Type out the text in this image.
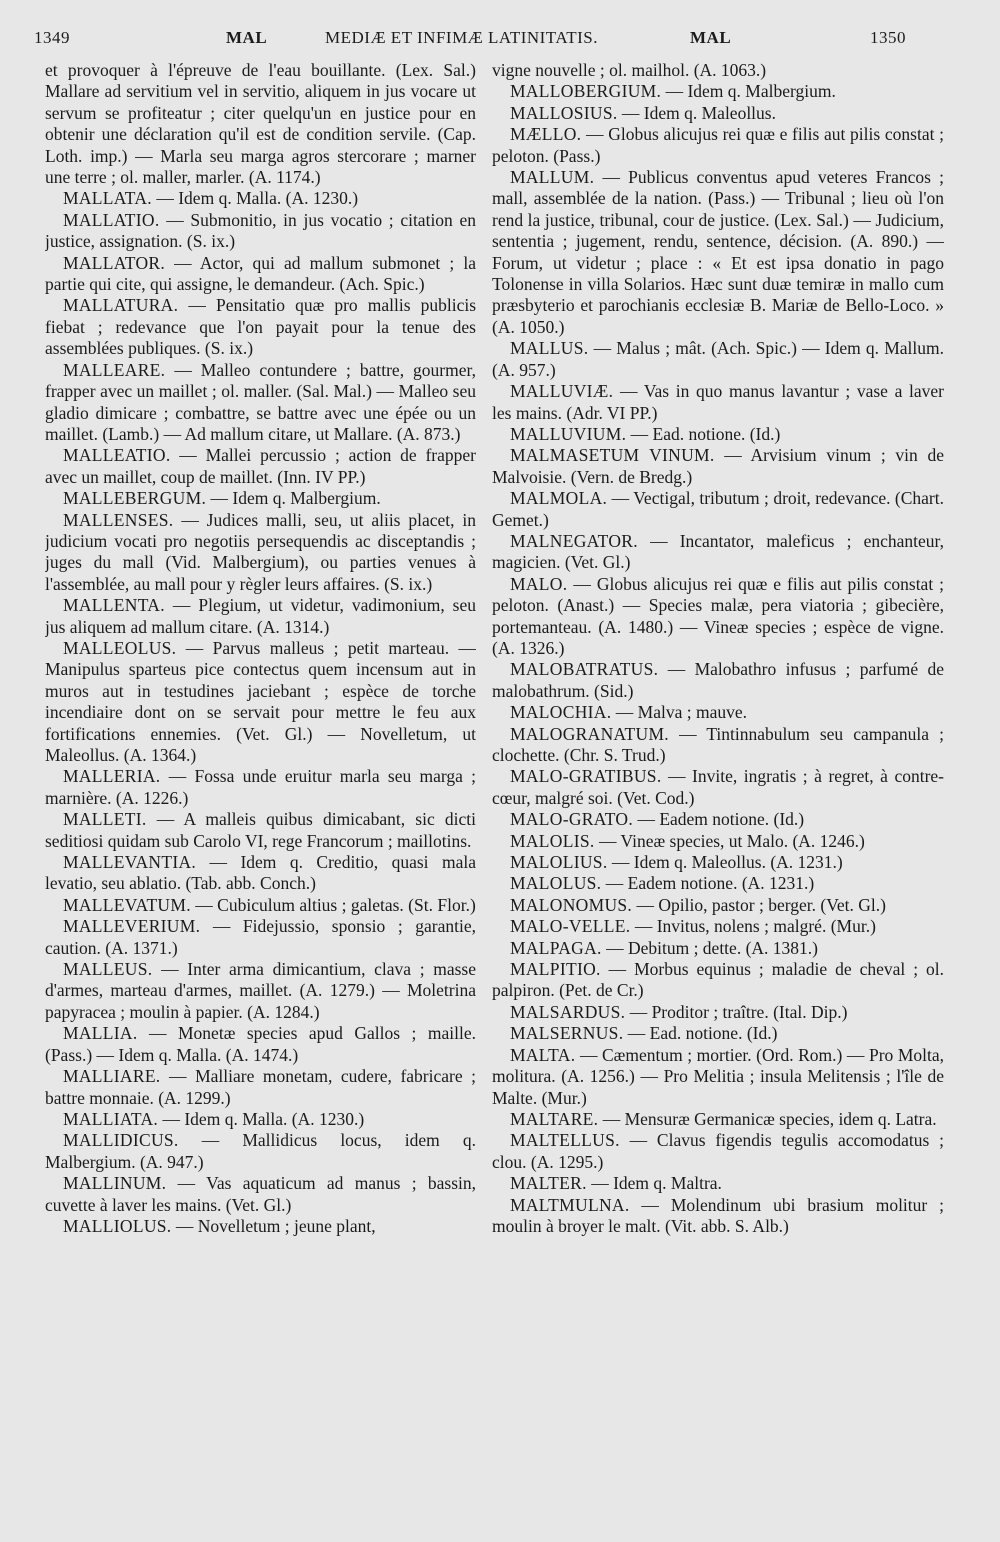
1349	MAL	MEDIÆ ET INFIMÆ LATINITATIS.	MAL	1350

et provoquer à l'épreuve de l'eau bouillante. (Lex. Sal.) Mallare ad servitium vel in servitio, aliquem in jus vocare ut servum se profiteatur ; citer quelqu'un en justice pour en obtenir une déclaration qu'il est de condition servile. (Cap. Loth. imp.) — Marla seu marga agros stercorare ; marner une terre ; ol. maller, marler. (A. 1174.)

MALLATA. — Idem q. Malla. (A. 1230.)

MALLATIO. — Submonitio, in jus vocatio ; citation en justice, assignation. (S. ix.)

MALLATOR. — Actor, qui ad mallum submonet ; la partie qui cite, qui assigne, le demandeur. (Ach. Spic.)

MALLATURA. — Pensitatio quæ pro mallis publicis fiebat ; redevance que l'on payait pour la tenue des assemblées publiques. (S. ix.)

MALLEARE. — Malleo contundere ; battre, gourmer, frapper avec un maillet ; ol. maller. (Sal. Mal.) — Malleo seu gladio dimicare ; combattre, se battre avec une épée ou un maillet. (Lamb.) — Ad mallum citare, ut Mallare. (A. 873.)

MALLEATIO. — Mallei percussio ; action de frapper avec un maillet, coup de maillet. (Inn. IV PP.)

MALLEBERGUM. — Idem q. Malbergium.

MALLENSES. — Judices malli, seu, ut aliis placet, in judicium vocati pro negotiis persequendis ac disceptandis ; juges du mall (Vid. Malbergium), ou parties venues à l'assemblée, au mall pour y règler leurs affaires. (S. ix.)

MALLENTA. — Plegium, ut videtur, vadimonium, seu jus aliquem ad mallum citare. (A. 1314.)

MALLEOLUS. — Parvus malleus ; petit marteau. — Manipulus sparteus pice contectus quem incensum aut in muros aut in testudines jaciebant ; espèce de torche incendiaire dont on se servait pour mettre le feu aux fortifications ennemies. (Vet. Gl.) — Novelletum, ut Maleollus. (A. 1364.)

MALLERIA. — Fossa unde eruitur marla seu marga ; marnière. (A. 1226.)

MALLETI. — A malleis quibus dimicabant, sic dicti seditiosi quidam sub Carolo VI, rege Francorum ; maillotins.

MALLEVANTIA. — Idem q. Creditio, quasi mala levatio, seu ablatio. (Tab. abb. Conch.)

MALLEVATUM. — Cubiculum altius ; galetas. (St. Flor.)

MALLEVERIUM. — Fidejussio, sponsio ; garantie, caution. (A. 1371.)

MALLEUS. — Inter arma dimicantium, clava ; masse d'armes, marteau d'armes, maillet. (A. 1279.) — Moletrina papyracea ; moulin à papier. (A. 1284.)

MALLIA. — Monetæ species apud Gallos ; maille. (Pass.) — Idem q. Malla. (A. 1474.)

MALLIARE. — Malliare monetam, cudere, fabricare ; battre monnaie. (A. 1299.)

MALLIATA. — Idem q. Malla. (A. 1230.)

MALLIDICUS. — Mallidicus locus, idem q. Malbergium. (A. 947.)

MALLINUM. — Vas aquaticum ad manus ; bassin, cuvette à laver les mains. (Vet. Gl.)

MALLIOLUS. — Novelletum ; jeune plant,

vigne nouvelle ; ol. mailhol. (A. 1063.)

MALLOBERGIUM. — Idem q. Malbergium.

MALLOSIUS. — Idem q. Maleollus.

MÆLLO. — Globus alicujus rei quæ e filis aut pilis constat ; peloton. (Pass.)

MALLUM. — Publicus conventus apud veteres Francos ; mall, assemblée de la nation. (Pass.) — Tribunal ; lieu où l'on rend la justice, tribunal, cour de justice. (Lex. Sal.) — Judicium, sententia ; jugement, rendu, sentence, décision. (A. 890.) — Forum, ut videtur ; place : « Et est ipsa donatio in pago Tolonense in villa Solarios. Hæc sunt duæ temiræ in mallo cum præsbyterio et parochianis ecclesiæ B. Mariæ de Bello-Loco. » (A. 1050.)

MALLUS. — Malus ; mât. (Ach. Spic.) — Idem q. Mallum. (A. 957.)

MALLUVIÆ. — Vas in quo manus lavantur ; vase a laver les mains. (Adr. VI PP.)

MALLUVIUM. — Ead. notione. (Id.)

MALMASETUM VINUM. — Arvisium vinum ; vin de Malvoisie. (Vern. de Bredg.)

MALMOLA. — Vectigal, tributum ; droit, redevance. (Chart. Gemet.)

MALNEGATOR. — Incantator, maleficus ; enchanteur, magicien. (Vet. Gl.)

MALO. — Globus alicujus rei quæ e filis aut pilis constat ; peloton. (Anast.) — Species malæ, pera viatoria ; gibecière, portemanteau. (A. 1480.) — Vineæ species ; espèce de vigne. (A. 1326.)

MALOBATRATUS. — Malobathro infusus ; parfumé de malobathrum. (Sid.)

MALOCHIA. — Malva ; mauve.

MALOGRANATUM. — Tintinnabulum seu campanula ; clochette. (Chr. S. Trud.)

MALO-GRATIBUS. — Invite, ingratis ; à regret, à contre-cœur, malgré soi. (Vet. Cod.)

MALO-GRATO. — Eadem notione. (Id.)

MALOLIS. — Vineæ species, ut Malo. (A. 1246.)

MALOLIUS. — Idem q. Maleollus. (A. 1231.)

MALOLUS. — Eadem notione. (A. 1231.)

MALONOMUS. — Opilio, pastor ; berger. (Vet. Gl.)

MALO-VELLE. — Invitus, nolens ; malgré. (Mur.)

MALPAGA. — Debitum ; dette. (A. 1381.)

MALPITIO. — Morbus equinus ; maladie de cheval ; ol. palpiron. (Pet. de Cr.)

MALSARDUS. — Proditor ; traître. (Ital. Dip.)

MALSERNUS. — Ead. notione. (Id.)

MALTA. — Cæmentum ; mortier. (Ord. Rom.) — Pro Molta, molitura. (A. 1256.) — Pro Melitia ; insula Melitensis ; l'île de Malte. (Mur.)

MALTARE. — Mensuræ Germanicæ species, idem q. Latra.

MALTELLUS. — Clavus figendis tegulis accomodatus ; clou. (A. 1295.)

MALTER. — Idem q. Maltra.

MALTMULNA. — Molendinum ubi brasium molitur ; moulin à broyer le malt. (Vit. abb. S. Alb.)
